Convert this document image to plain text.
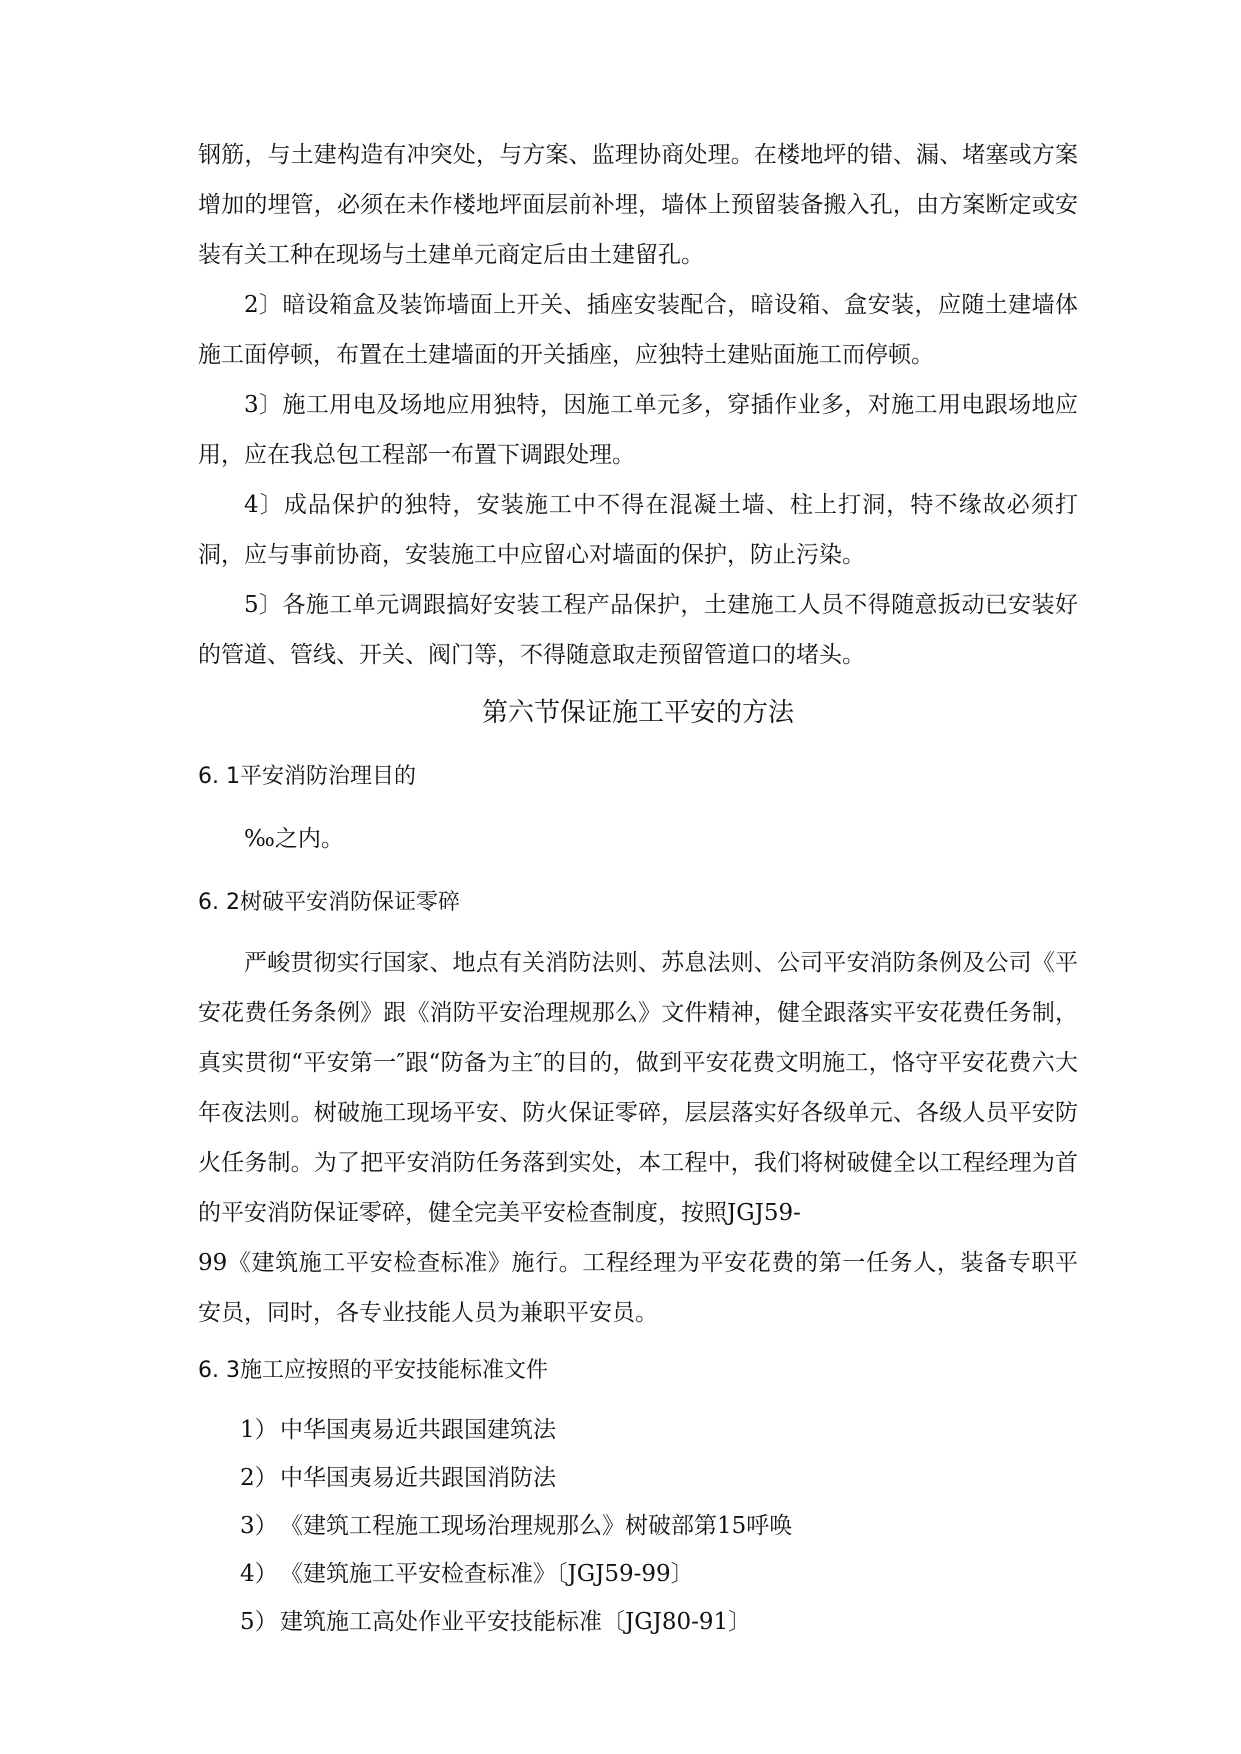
钢筋，与土建构造有冲突处，与方案、监理协商处理。在楼地坪的错、漏、堵塞或方案增加的埋管，必须在未作楼地坪面层前补埋，墙体上预留装备搬入孔，由方案断定或安装有关工种在现场与土建单元商定后由土建留孔。

2〕暗设箱盒及装饰墙面上开关、插座安装配合，暗设箱、盒安装，应随土建墙体施工面停顿，布置在土建墙面的开关插座，应独特土建贴面施工而停顿。

3〕施工用电及场地应用独特，因施工单元多，穿插作业多，对施工用电跟场地应用，应在我总包工程部一布置下调跟处理。

4〕成品保护的独特，安装施工中不得在混凝土墙、柱上打洞，特不缘故必须打洞，应与事前协商，安装施工中应留心对墙面的保护，防止污染。

5〕各施工单元调跟搞好安装工程产品保护，土建施工人员不得随意扳动已安装好的管道、管线、开关、阀门等，不得随意取走预留管道口的堵头。

第六节保证施工平安的方法
6. 1平安消防治理目的
‰之内。
6. 2树破平安消防保证零碎

严峻贯彻实行国家、地点有关消防法则、苏息法则、公司平安消防条例及公司《平安花费任务条例》跟《消防平安治理规那么》文件精神，健全跟落实平安花费任务制，真实贯彻“平安第一″跟“防备为主″的目的，做到平安花费文明施工，恪守平安花费六大年夜法则。树破施工现场平安、防火保证零碎，层层落实好各级单元、各级人员平安防火任务制。为了把平安消防任务落到实处，本工程中，我们将树破健全以工程经理为首的平安消防保证零碎，健全完美平安检查制度，按照JGJ59-

99《建筑施工平安检查标准》施行。工程经理为平安花费的第一任务人，装备专职平安员，同时，各专业技能人员为兼职平安员。

6. 3施工应按照的平安技能标准文件
1） 中华国夷易近共跟国建筑法
2） 中华国夷易近共跟国消防法
3） 《建筑工程施工现场治理规那么》树破部第15呼唤
4） 《建筑施工平安检查标准》〔JGJ59-99〕
5） 建筑施工高处作业平安技能标准〔JGJ80-91〕
